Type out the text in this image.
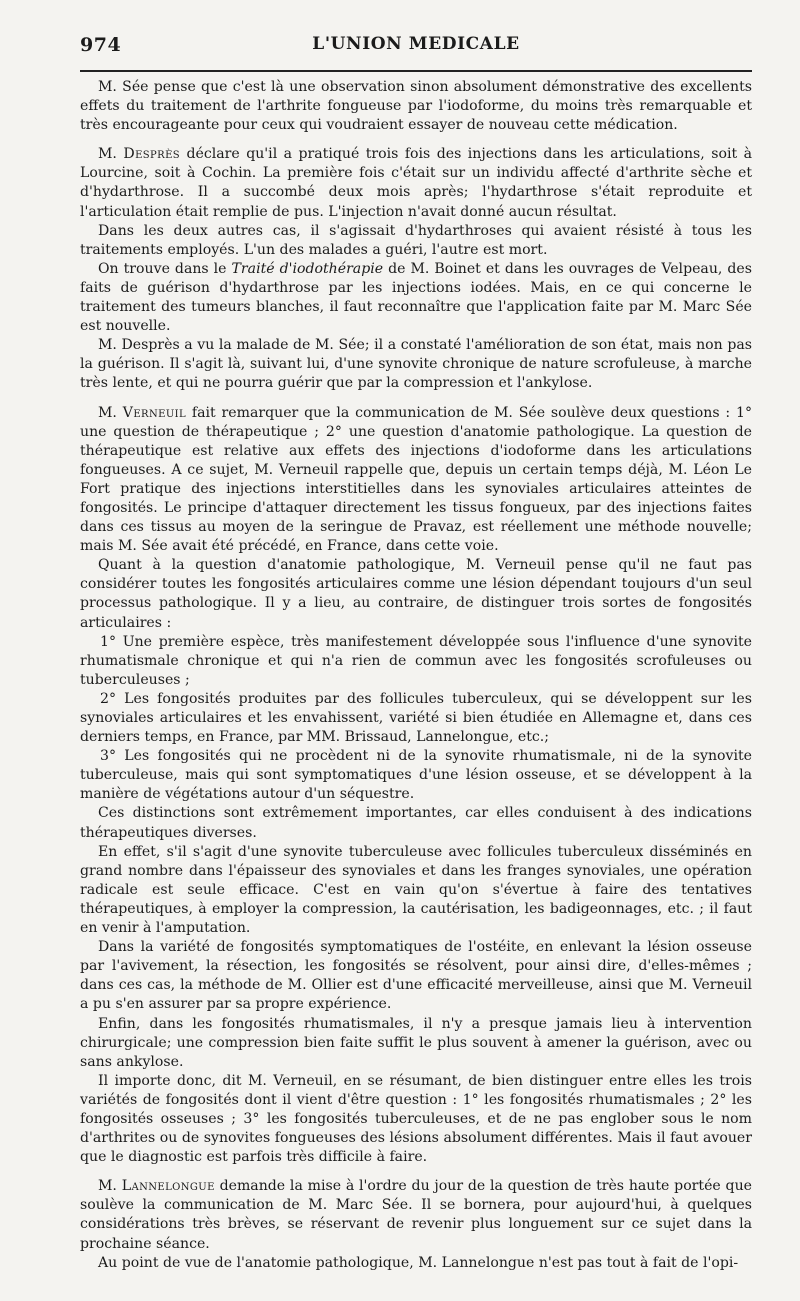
974	L'UNION MEDICALE

M. Sée pense que c'est là une observation sinon absolument démonstrative des excellents effets du traitement de l'arthrite fongueuse par l'iodoforme, du moins très remarquable et très encourageante pour ceux qui voudraient essayer de nouveau cette médication.

M. Desprès déclare qu'il a pratiqué trois fois des injections dans les articulations, soit à Lourcine, soit à Cochin. La première fois c'était sur un individu affecté d'arthrite sèche et d'hydarthrose. Il a succombé deux mois après; l'hydarthrose s'était reproduite et l'articulation était remplie de pus. L'injection n'avait donné aucun résultat.

Dans les deux autres cas, il s'agissait d'hydarthroses qui avaient résisté à tous les traitements employés. L'un des malades a guéri, l'autre est mort.

On trouve dans le Traité d'iodothérapie de M. Boinet et dans les ouvrages de Velpeau, des faits de guérison d'hydarthrose par les injections iodées. Mais, en ce qui concerne le traitement des tumeurs blanches, il faut reconnaître que l'application faite par M. Marc Sée est nouvelle.

M. Desprès a vu la malade de M. Sée; il a constaté l'amélioration de son état, mais non pas la guérison. Il s'agit là, suivant lui, d'une synovite chronique de nature scrofuleuse, à marche très lente, et qui ne pourra guérir que par la compression et l'ankylose.

M. Verneuil fait remarquer que la communication de M. Sée soulève deux questions : 1° une question de thérapeutique ; 2° une question d'anatomie pathologique. La question de thérapeutique est relative aux effets des injections d'iodoforme dans les articulations fongueuses. A ce sujet, M. Verneuil rappelle que, depuis un certain temps déjà, M. Léon Le Fort pratique des injections interstitielles dans les synoviales articulaires atteintes de fongosités. Le principe d'attaquer directement les tissus fongueux, par des injections faites dans ces tissus au moyen de la seringue de Pravaz, est réellement une méthode nouvelle; mais M. Sée avait été précédé, en France, dans cette voie.

Quant à la question d'anatomie pathologique, M. Verneuil pense qu'il ne faut pas considérer toutes les fongosités articulaires comme une lésion dépendant toujours d'un seul processus pathologique. Il y a lieu, au contraire, de distinguer trois sortes de fongosités articulaires :

1° Une première espèce, très manifestement développée sous l'influence d'une synovite rhumatismale chronique et qui n'a rien de commun avec les fongosités scrofuleuses ou tuberculeuses ;

2° Les fongosités produites par des follicules tuberculeux, qui se développent sur les synoviales articulaires et les envahissent, variété si bien étudiée en Allemagne et, dans ces derniers temps, en France, par MM. Brissaud, Lannelongue, etc.;

3° Les fongosités qui ne procèdent ni de la synovite rhumatismale, ni de la synovite tuberculeuse, mais qui sont symptomatiques d'une lésion osseuse, et se développent à la manière de végétations autour d'un séquestre.

Ces distinctions sont extrêmement importantes, car elles conduisent à des indications thérapeutiques diverses.

En effet, s'il s'agit d'une synovite tuberculeuse avec follicules tuberculeux disséminés en grand nombre dans l'épaisseur des synoviales et dans les franges synoviales, une opération radicale est seule efficace. C'est en vain qu'on s'évertue à faire des tentatives thérapeutiques, à employer la compression, la cautérisation, les badigeonnages, etc. ; il faut en venir à l'amputation.

Dans la variété de fongosités symptomatiques de l'ostéite, en enlevant la lésion osseuse par l'avivement, la résection, les fongosités se résolvent, pour ainsi dire, d'elles-mêmes ; dans ces cas, la méthode de M. Ollier est d'une efficacité merveilleuse, ainsi que M. Verneuil a pu s'en assurer par sa propre expérience.

Enfin, dans les fongosités rhumatismales, il n'y a presque jamais lieu à intervention chirurgicale; une compression bien faite suffit le plus souvent à amener la guérison, avec ou sans ankylose.

Il importe donc, dit M. Verneuil, en se résumant, de bien distinguer entre elles les trois variétés de fongosités dont il vient d'être question : 1° les fongosités rhumatismales ; 2° les fongosités osseuses ; 3° les fongosités tuberculeuses, et de ne pas englober sous le nom d'arthrites ou de synovites fongueuses des lésions absolument différentes. Mais il faut avouer que le diagnostic est parfois très difficile à faire.

M. Lannelongue demande la mise à l'ordre du jour de la question de très haute portée que soulève la communication de M. Marc Sée. Il se bornera, pour aujourd'hui, à quelques considérations très brèves, se réservant de revenir plus longuement sur ce sujet dans la prochaine séance.

Au point de vue de l'anatomie pathologique, M. Lannelongue n'est pas tout à fait de l'opi-
